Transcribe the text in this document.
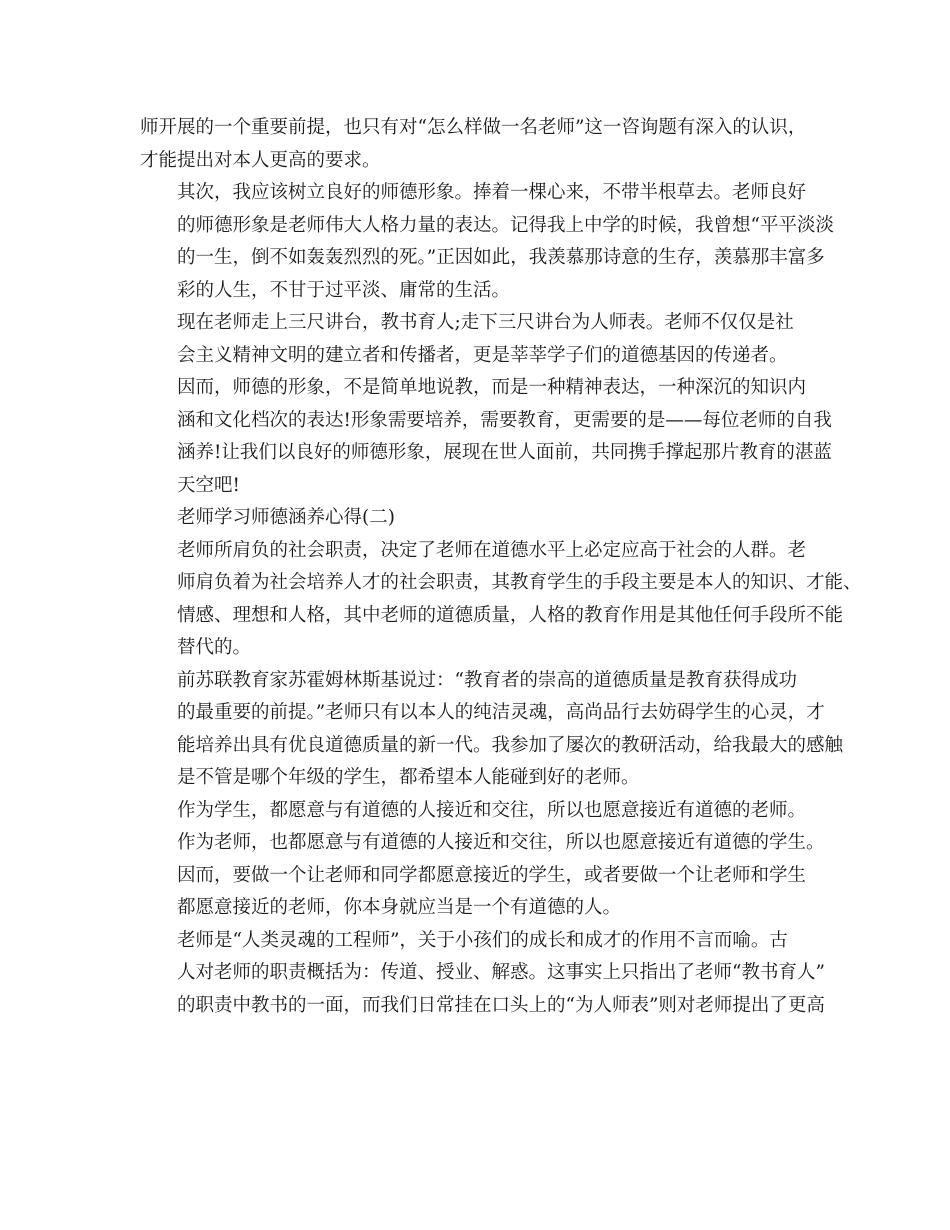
师开展的一个重要前提，也只有对“怎么样做一名老师”这一咨询题有深入的认识，
才能提出对本人更高的要求。

其次，我应该树立良好的师德形象。捧着一棵心来，不带半根草去。老师良好
的师德形象是老师伟大人格力量的表达。记得我上中学的时候，我曾想“平平淡淡
的一生，倒不如轰轰烈烈的死。”正因如此，我羡慕那诗意的生存，羡慕那丰富多
彩的人生，不甘于过平淡、庸常的生活。

现在老师走上三尺讲台，教书育人;走下三尺讲台为人师表。老师不仅仅是社
会主义精神文明的建立者和传播者，更是莘莘学子们的道德基因的传递者。

因而，师德的形象，不是简单地说教，而是一种精神表达，一种深沉的知识内
涵和文化档次的表达!形象需要培养，需要教育，更需要的是——每位老师的自我
涵养!让我们以良好的师德形象，展现在世人面前，共同携手撑起那片教育的湛蓝
天空吧!

老师学习师德涵养心得(二)

老师所肩负的社会职责，决定了老师在道德水平上必定应高于社会的人群。老
师肩负着为社会培养人才的社会职责，其教育学生的手段主要是本人的知识、才能、
情感、理想和人格，其中老师的道德质量，人格的教育作用是其他任何手段所不能
替代的。

前苏联教育家苏霍姆林斯基说过：“教育者的崇高的道德质量是教育获得成功
的最重要的前提。”老师只有以本人的纯洁灵魂，高尚品行去妨碍学生的心灵，才
能培养出具有优良道德质量的新一代。我参加了屡次的教研活动，给我最大的感触
是不管是哪个年级的学生，都希望本人能碰到好的老师。

作为学生，都愿意与有道德的人接近和交往，所以也愿意接近有道德的老师。
作为老师，也都愿意与有道德的人接近和交往，所以也愿意接近有道德的学生。

因而，要做一个让老师和同学都愿意接近的学生，或者要做一个让老师和学生
都愿意接近的老师，你本身就应当是一个有道德的人。

老师是“人类灵魂的工程师”，关于小孩们的成长和成才的作用不言而喻。古
人对老师的职责概括为：传道、授业、解惑。这事实上只指出了老师“教书育人”
的职责中教书的一面，而我们日常挂在口头上的“为人师表”则对老师提出了更高
